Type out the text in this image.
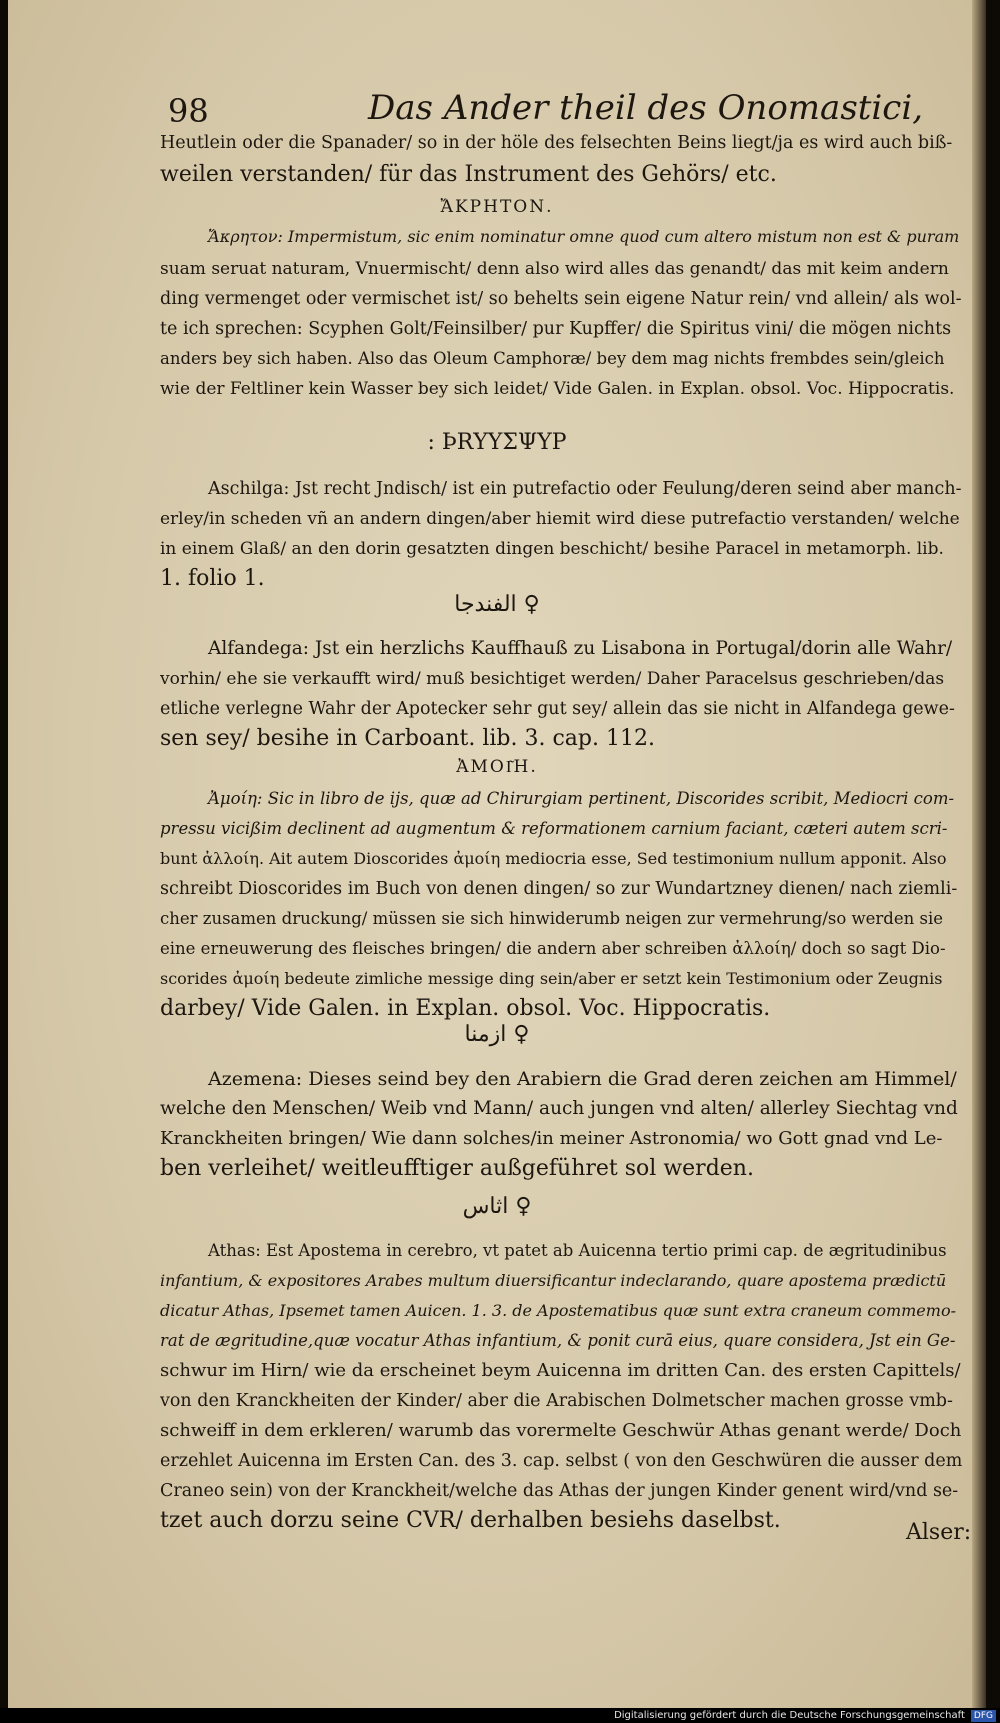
98	Das Ander theil des Onomastici,
Heutlein oder die Spanader/ so in der höle des felsechten Beins liegt/ja es wird auch biß-
weilen verstanden/ für das Instrument des Gehörs/ etc.
ἌΚΡΗΤΟΝ.
Ἄκρητον: Impermistum, sic enim nominatur omne quod cum altero mistum non est & puram
suam seruat naturam, Vnuermischt/ denn also wird alles das genandt/ das mit keim andern
ding vermenget oder vermischet ist/ so behelts sein eigene Natur rein/ vnd allein/ als wol-
te ich sprechen: Scyphen Golt/Feinsilber/ pur Kupffer/ die Spiritus vini/ die mögen nichts
anders bey sich haben. Also das Oleum Camphoræ/ bey dem mag nichts frembdes sein/gleich
wie der Feltliner kein Wasser bey sich leidet/ Vide Galen. in Explan. obsol. Voc. Hippocratis.
: ÞRΥΥΣΨΥΡ
Aschilga: Jst recht Jndisch/ ist ein putrefactio oder Feulung/deren seind aber manch-
erley/in scheden vñ an andern dingen/aber hiemit wird diese putrefactio verstanden/ welche
in einem Glaß/ an den dorin gesatzten dingen beschicht/ besihe Paracel in metamorph. lib.
1. folio 1.
الفندجا ♀
Alfandega: Jst ein herzlichs Kauffhauß zu Lisabona in Portugal/dorin alle Wahr/
vorhin/ ehe sie verkaufft wird/ muß besichtiget werden/ Daher Paracelsus geschrieben/das
etliche verlegne Wahr der Apotecker sehr gut sey/ allein das sie nicht in Alfandega gewe-
sen sey/ besihe in Carboant. lib. 3. cap. 112.
ἈΜΟΙ͂Η.
Ἀμοίη: Sic in libro de ijs, quæ ad Chirurgiam pertinent, Discorides scribit, Mediocri com-
pressu vicißim declinent ad augmentum & reformationem carnium faciant, cæteri autem scri-
bunt ἀλλοίη. Ait autem Dioscorides ἀμοίη mediocria esse, Sed testimonium nullum apponit. Also
schreibt Dioscorides im Buch von denen dingen/ so zur Wundartzney dienen/ nach ziemli-
cher zusamen druckung/ müssen sie sich hinwiderumb neigen zur vermehrung/so werden sie
eine erneuwerung des fleisches bringen/ die andern aber schreiben ἀλλοίη/ doch so sagt Dio-
scorides ἀμοίη bedeute zimliche messige ding sein/aber er setzt kein Testimonium oder Zeugnis
darbey/ Vide Galen. in Explan. obsol. Voc. Hippocratis.
ازمنا ♀
Azemena: Dieses seind bey den Arabiern die Grad deren zeichen am Himmel/
welche den Menschen/ Weib vnd Mann/ auch jungen vnd alten/ allerley Siechtag vnd
Kranckheiten bringen/ Wie dann solches/in meiner Astronomia/ wo Gott gnad vnd Le-
ben verleihet/ weitleufftiger außgeführet sol werden.
اثاس ♀
Athas: Est Apostema in cerebro, vt patet ab Auicenna tertio primi cap. de ægritudinibus
infantium, & expositores Arabes multum diuersificantur indeclarando, quare apostema prædictū
dicatur Athas, Ipsemet tamen Auicen. 1. 3. de Apostematibus quæ sunt extra craneum commemo-
rat de ægritudine,quæ vocatur Athas infantium, & ponit curā eius, quare considera, Jst ein Ge-
schwur im Hirn/ wie da erscheinet beym Auicenna im dritten Can. des ersten Capittels/
von den Kranckheiten der Kinder/ aber die Arabischen Dolmetscher machen grosse vmb-
schweiff in dem erkleren/ warumb das vorermelte Geschwür Athas genant werde/ Doch
erzehlet Auicenna im Ersten Can. des 3. cap. selbst ( von den Geschwüren die ausser dem
Craneo sein) von der Kranckheit/welche das Athas der jungen Kinder genent wird/vnd se-
tzet auch dorzu seine CVR/ derhalben besiehs daselbst.	Alser:
Digitalisierung gefördert durch die Deutsche Forschungsgemeinschaft DFG
